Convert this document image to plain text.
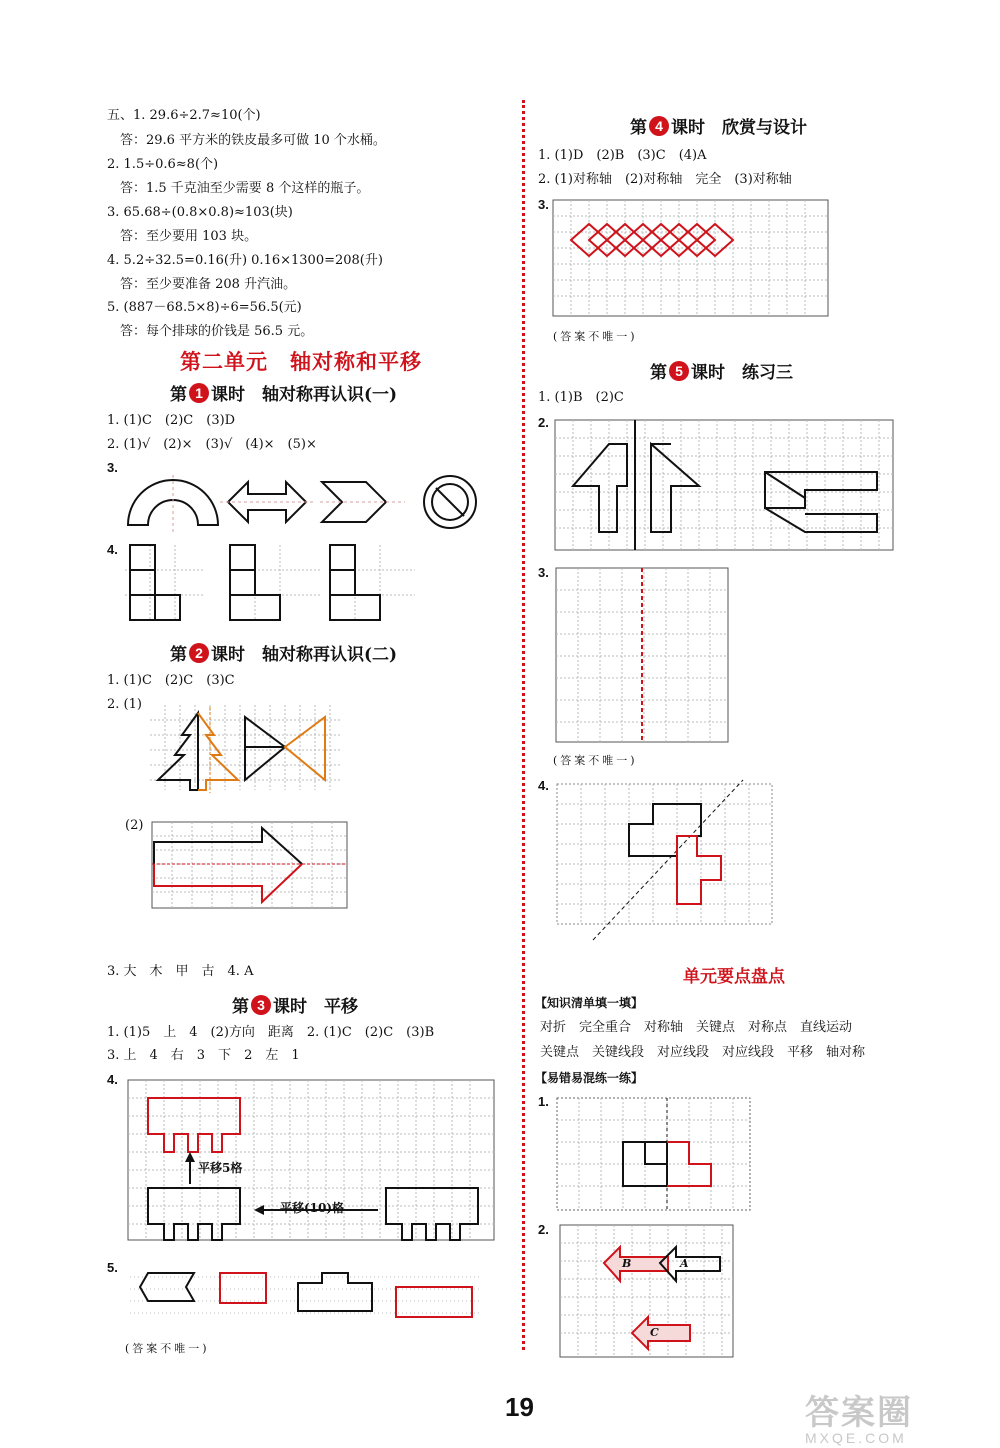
五、1. 29.6÷2.7≈10(个)
答：29.6 平方米的铁皮最多可做 10 个水桶。
2. 1.5÷0.6≈8(个)
答：1.5 千克油至少需要 8 个这样的瓶子。
3. 65.68÷(0.8×0.8)≈103(块)
答：至少要用 103 块。
4. 5.2÷32.5=0.16(升) 0.16×1300=208(升)
答：至少要准备 208 升汽油。
5. (887－68.5×8)÷6=56.5(元)
答：每个排球的价钱是 56.5 元。
第二单元　轴对称和平移
第 1 课时　轴对称再认识(一)
1. (1)C　(2)C　(3)D
2. (1)√　(2)×　(3)√　(4)×　(5)×
3.
4.
第 2 课时　轴对称再认识(二)
1. (1)C　(2)C　(3)C
2. (1)
(2)
3. 大　木　甲　古　4. A
第 3 课时　平移
1. (1)5　上　4　(2)方向　距离　2. (1)C　(2)C　(3)B
3. 上　4　右　3　下　2　左　1
4.
平移5格
平移(10)格
5.
(答案不唯一)
第 4 课时　欣赏与设计
1. (1)D　(2)B　(3)C　(4)A
2. (1)对称轴　(2)对称轴　完全　(3)对称轴
3.
(答案不唯一)
第 5 课时　练习三
1. (1)B　(2)C
2.
3.
(答案不唯一)
4.
单元要点盘点
【知识清单填一填】
对折　完全重合　对称轴　关键点　对称点　直线运动
关键点　关键线段　对应线段　对应线段　平移　轴对称
【易错易混练一练】
1.
2.
B	A
C
19	答案圈
MXQE.COM
